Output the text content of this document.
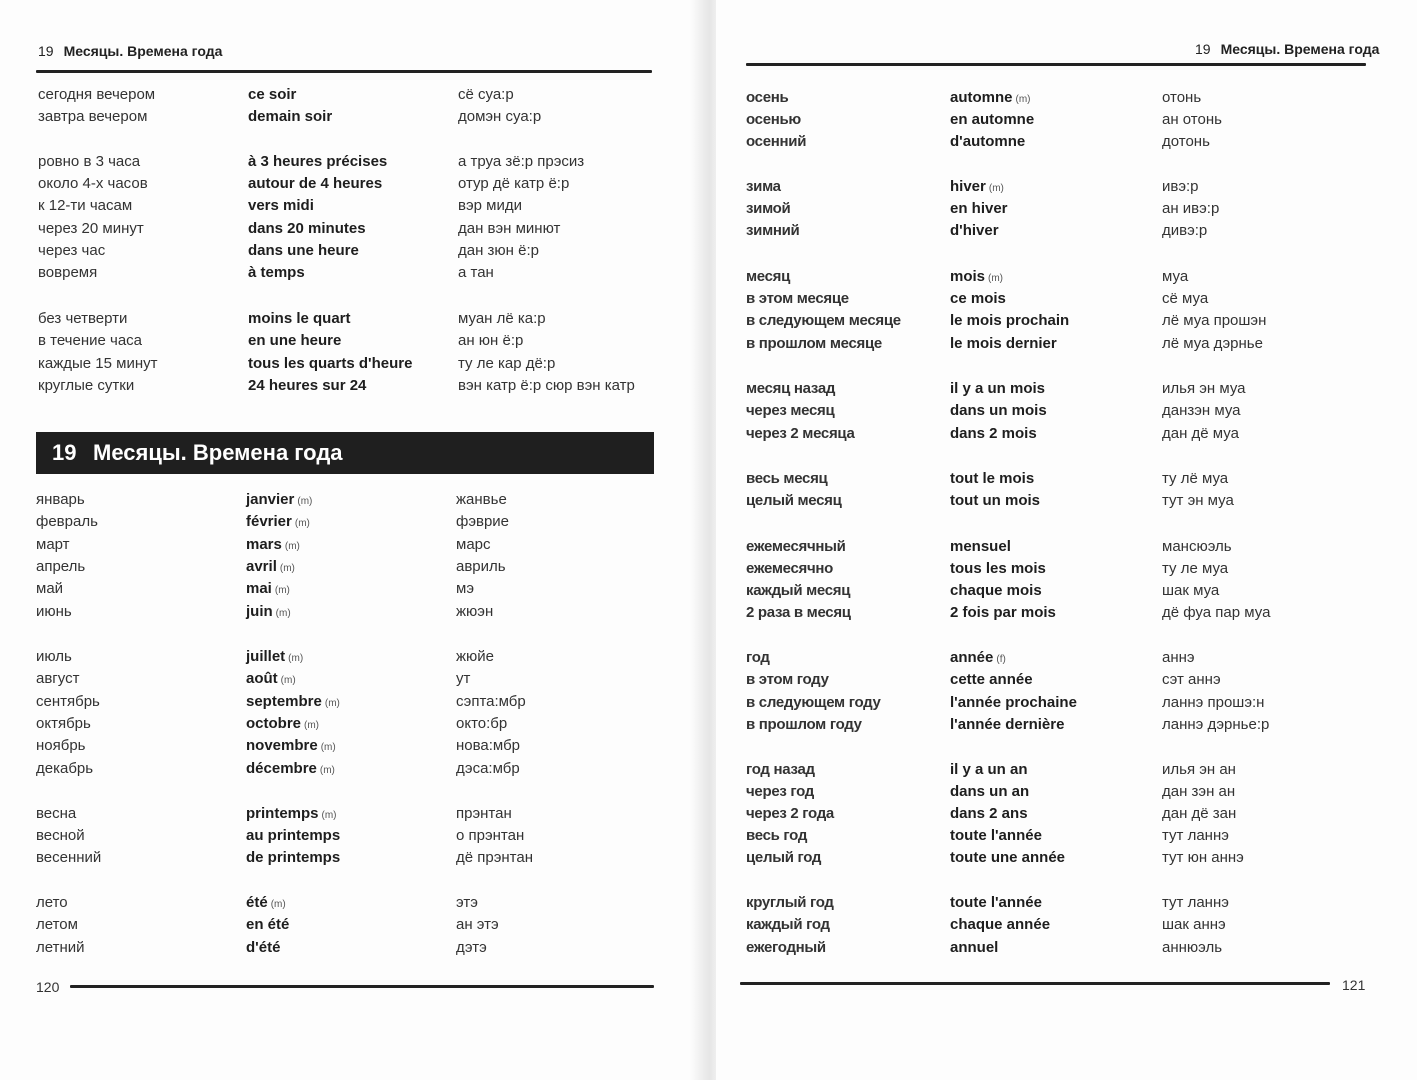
19 Месяцы. Времена года
сегодня вечером	ce soir	сё суа:р
завтра вечером	demain soir	домэн суа:р
ровно в 3 часа	à 3 heures précises	а труа зё:р прэсиз
около 4-х часов	autour de 4 heures	отур дё катр ё:р
к 12-ти часам	vers midi	вэр миди
через 20 минут	dans 20 minutes	дан вэн минют
через час	dans une heure	дан зюн ё:р
вовремя	à temps	а тан
без четверти	moins le quart	муан лё ка:р
в течение часа	en une heure	ан юн ё:р
каждые 15 минут	tous les quarts d'heure	ту ле кар дё:р
круглые сутки	24 heures sur 24	вэн катр ё:р сюр вэн катр
19 Месяцы. Времена года
январь	janvier (m)	жанвье
февраль	février (m)	фэврие
март	mars (m)	марс
апрель	avril (m)	авриль
май	mai (m)	мэ
июнь	juin (m)	жюэн
июль	juillet (m)	жюйе
август	août (m)	ут
сентябрь	septembre (m)	сэпта:мбр
октябрь	octobre (m)	окто:бр
ноябрь	novembre (m)	нова:мбр
декабрь	décembre (m)	дэса:мбр
весна	printemps (m)	прэнтан
весной	au printemps	о прэнтан
весенний	de printemps	дё прэнтан
лето	été (m)	этэ
летом	en été	ан этэ
летний	d'été	дэтэ
120
19 Месяцы. Времена года
осень	automne (m)	отонь
осенью	en automne	ан отонь
осенний	d'automne	дотонь
зима	hiver (m)	ивэ:р
зимой	en hiver	ан ивэ:р
зимний	d'hiver	дивэ:р
месяц	mois (m)	муа
в этом месяце	ce mois	сё муа
в следующем месяце	le mois prochain	лё муа прошэн
в прошлом месяце	le mois dernier	лё муа дэрнье
месяц назад	il y a un mois	илья эн муа
через месяц	dans un mois	данзэн муа
через 2 месяца	dans 2 mois	дан дё муа
весь месяц	tout le mois	ту лё муа
целый месяц	tout un mois	тут эн муа
ежемесячный	mensuel	мансюэль
ежемесячно	tous les mois	ту ле муа
каждый месяц	chaque mois	шак муа
2 раза в месяц	2 fois par mois	дё фуа пар муа
год	année (f)	аннэ
в этом году	cette année	сэт аннэ
в следующем году	l'année prochaine	ланнэ прошэ:н
в прошлом году	l'année dernière	ланнэ дэрньe:р
год назад	il y a un an	илья эн ан
через год	dans un an	дан зэн ан
через 2 года	dans 2 ans	дан дё зан
весь год	toute l'année	тут ланнэ
целый год	toute une année	тут юн аннэ
круглый год	toute l'année	тут ланнэ
каждый год	chaque année	шак аннэ
ежегодный	annuel	аннюэль
121
